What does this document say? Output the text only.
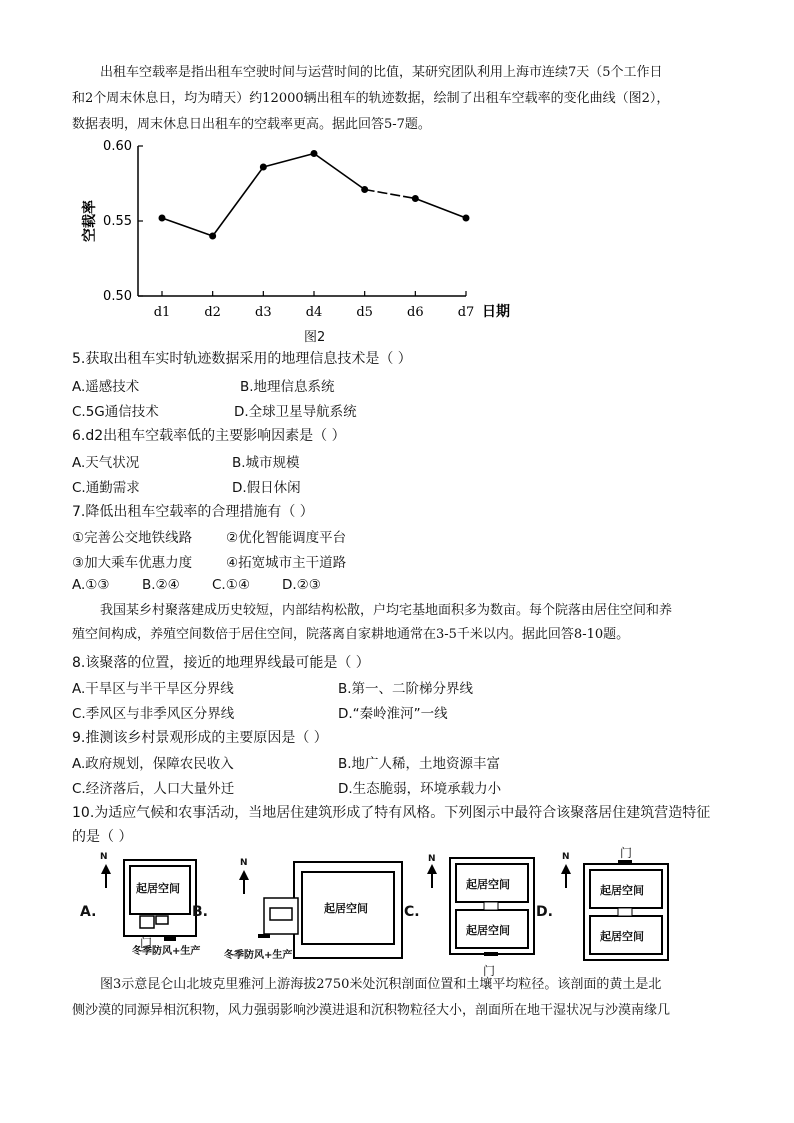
出租车空载率是指出租车空驶时间与运营时间的比值，某研究团队利用上海市连续7天（5个工作日
和2个周末休息日，均为晴天）约12000辆出租车的轨迹数据，绘制了出租车空载率的变化曲线（图2），
数据表明，周末休息日出租车的空载率更高。据此回答5-7题。
0.50
0.55
0.60
d1	d2	d3	d4	d5	d6	d7
空载率
日期
图2
5.获取出租车实时轨迹数据采用的地理信息技术是（ ）
A.遥感技术	B.地理信息系统
C.5G通信技术	D.全球卫星导航系统
6.d2出租车空载率低的主要影响因素是（ ）
A.天气状况	B.城市规模
C.通勤需求	D.假日休闲
7.降低出租车空载率的合理措施有（ ）
①完善公交地铁线路	②优化智能调度平台
③加大乘车优惠力度	④拓宽城市主干道路
A.①③ B.②④ C.①④ D.②③
我国某乡村聚落建成历史较短，内部结构松散，户均宅基地面积多为数亩。每个院落由居住空间和养
殖空间构成，养殖空间数倍于居住空间，院落离自家耕地通常在3-5千米以内。据此回答8-10题。
8.该聚落的位置，接近的地理界线最可能是（ ）
A.干旱区与半干旱区分界线	B.第一、二阶梯分界线
C.季风区与非季风区分界线	D.“秦岭淮河”一线
9.推测该乡村景观形成的主要原因是（ ）
A.政府规划，保障农民收入	B.地广人稀，土地资源丰富
C.经济落后，人口大量外迁	D.生态脆弱，环境承载力小
10.为适应气候和农事活动，当地居住建筑形成了特有风格。下列图示中最符合该聚落居住建筑营造特征
的是（ ）
A.
起居空间
冬季防风+生产
N
B.	起居空间
冬季防风+生产
N
C.
起居空间
起居空间
N
D.
门
起居空间
起居空间
N
门
门
图3示意昆仑山北坡克里雅河上游海拔2750米处沉积剖面位置和土壤平均粒径。该剖面的黄土是北
侧沙漠的同源异相沉积物，风力强弱影响沙漠进退和沉积物粒径大小，剖面所在地干湿状况与沙漠南缘几
